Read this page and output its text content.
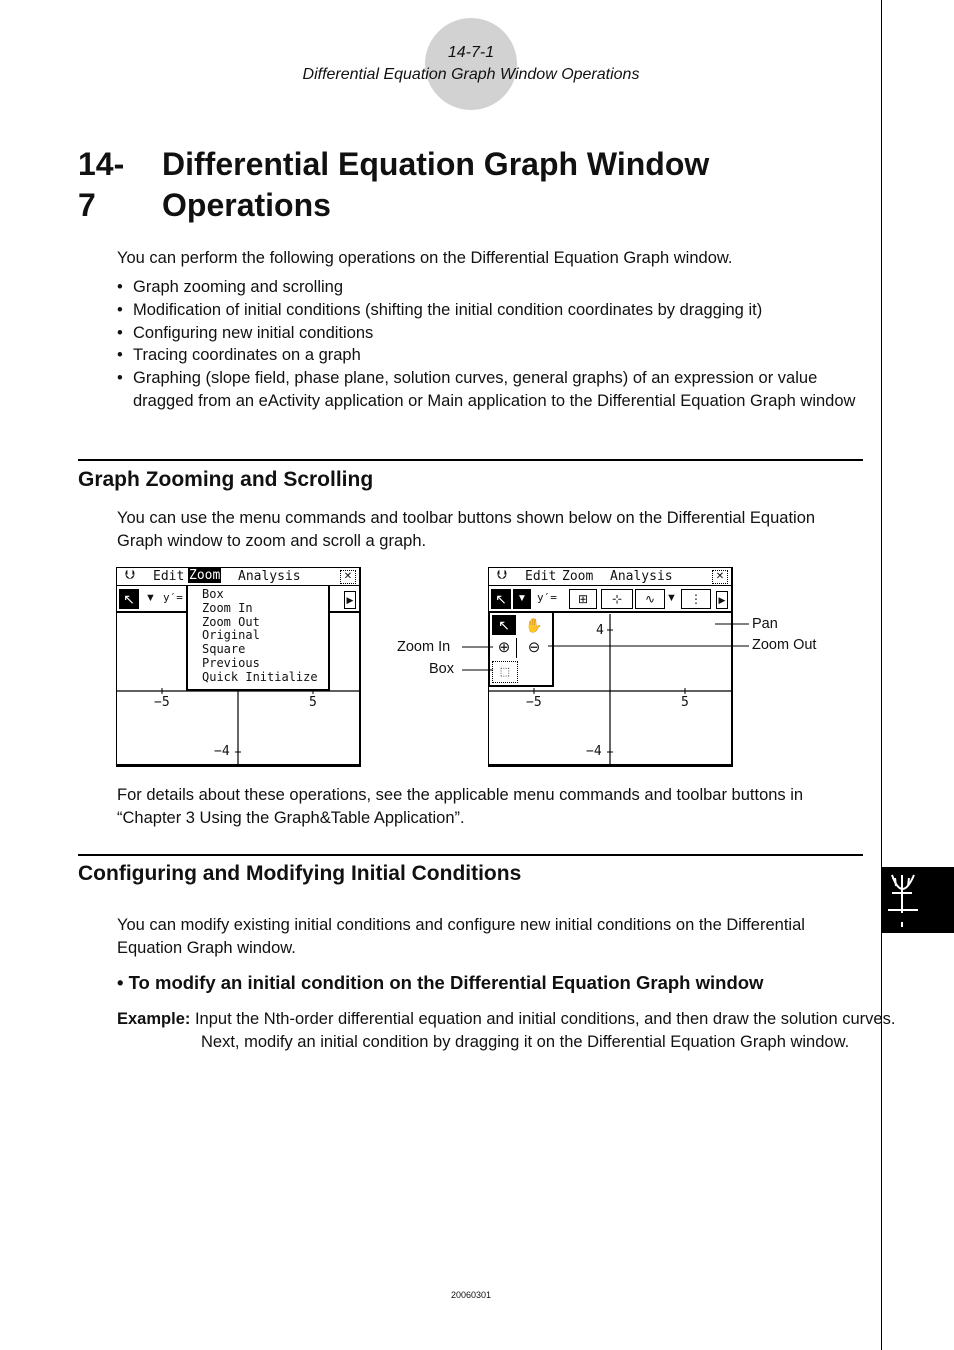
14-7-1
Differential Equation Graph Window Operations
14-7
Differential Equation Graph Window
Operations
You can perform the following operations on the Differential Equation Graph window.
• Graph zooming and scrolling
• Modification of initial conditions (shifting the initial condition coordinates by dragging it)
• Configuring new initial conditions
• Tracing coordinates on a graph
• Graphing (slope field, phase plane, solution curves, general graphs) of an expression or value dragged from an eActivity application or Main application to the Differential Equation Graph window
Graph Zooming and Scrolling
You can use the menu commands and toolbar buttons shown below on the Differential Equation Graph window to zoom and scroll a graph.
⮋ Edit Zoom Analysis	✕
↖ ▼ y′=	▶
−5	5
−4
Box
Zoom In
Zoom Out
Original
Square
Previous
Quick Initialize
⮋ Edit Zoom Analysis	✕
↖	▼ y′=	⊞	⊹	∿ ▼	⋮	▶
4
−5	5
−4
↖	✋
⊕	⊖
⬚
Zoom In
Box
Pan
Zoom Out
For details about these operations, see the applicable menu commands and toolbar buttons in “Chapter 3 Using the Graph&Table Application”.
Configuring and Modifying Initial Conditions
You can modify existing initial conditions and configure new initial conditions on the Differential Equation Graph window.
• To modify an initial condition on the Differential Equation Graph window
Example: Input the Nth-order differential equation and initial conditions, and then draw the solution curves. Next, modify an initial condition by dragging it on the Differential Equation Graph window.
20060301
